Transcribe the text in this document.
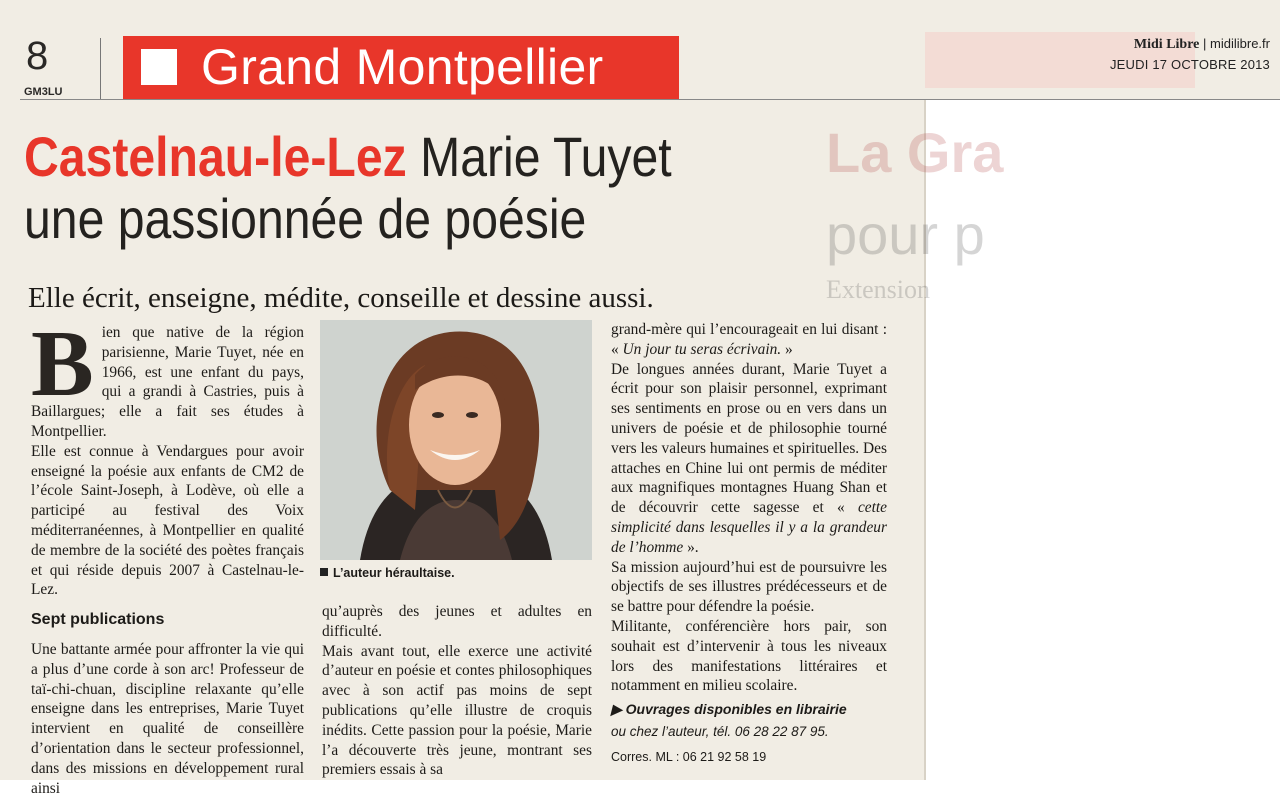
8
GM3LU	Grand Montpellier	Midi Libre | midilibre.fr
JEUDI 17 OCTOBRE 2013
La Gra
pour p
Extension
Castelnau-le-Lez Marie Tuyet
une passionnée de poésie
Elle écrit, enseigne, médite, conseille et dessine aussi.

Bien que native de la région parisienne, Marie Tuyet, née en 1966, est une enfant du pays, qui a grandi à Castries, puis à Baillargues; elle a fait ses études à Montpellier.

Elle est connue à Vendargues pour avoir enseigné la poésie aux enfants de CM2 de l’école Saint-Joseph, à Lodève, où elle a participé au festival des Voix méditerranéennes, à Montpellier en qualité de membre de la société des poètes français et qui réside depuis 2007 à Castelnau-le-Lez.

Sept publications

Une battante armée pour affronter la vie qui a plus d’une corde à son arc! Professeur de taï-chi-chuan, discipline relaxante qu’elle enseigne dans les entreprises, Marie Tuyet intervient en qualité de conseillère d’orientation dans le secteur professionnel, dans des missions en développement rural ainsi

L’auteur héraultaise.

qu’auprès des jeunes et adultes en difficulté.

Mais avant tout, elle exerce une activité d’auteur en poésie et contes philosophiques avec à son actif pas moins de sept publications qu’elle illustre de croquis inédits. Cette passion pour la poésie, Marie l’a découverte très jeune, montrant ses premiers essais à sa

grand-mère qui l’encourageait en lui disant : « Un jour tu seras écrivain. »

De longues années durant, Marie Tuyet a écrit pour son plaisir personnel, exprimant ses sentiments en prose ou en vers dans un univers de poésie et de philosophie tourné vers les valeurs humaines et spirituelles. Des attaches en Chine lui ont permis de méditer aux magnifiques montagnes Huang Shan et de découvrir cette sagesse et « cette simplicité dans lesquelles il y a la grandeur de l’homme ».

Sa mission aujourd’hui est de poursuivre les objectifs de ses illustres prédécesseurs et de se battre pour défendre la poésie.

Militante, conférencière hors pair, son souhait est d’intervenir à tous les niveaux lors des manifestations littéraires et notamment en milieu scolaire.

▶ Ouvrages disponibles en librairie
ou chez l’auteur, tél. 06 28 22 87 95.
Corres. ML : 06 21 92 58 19
